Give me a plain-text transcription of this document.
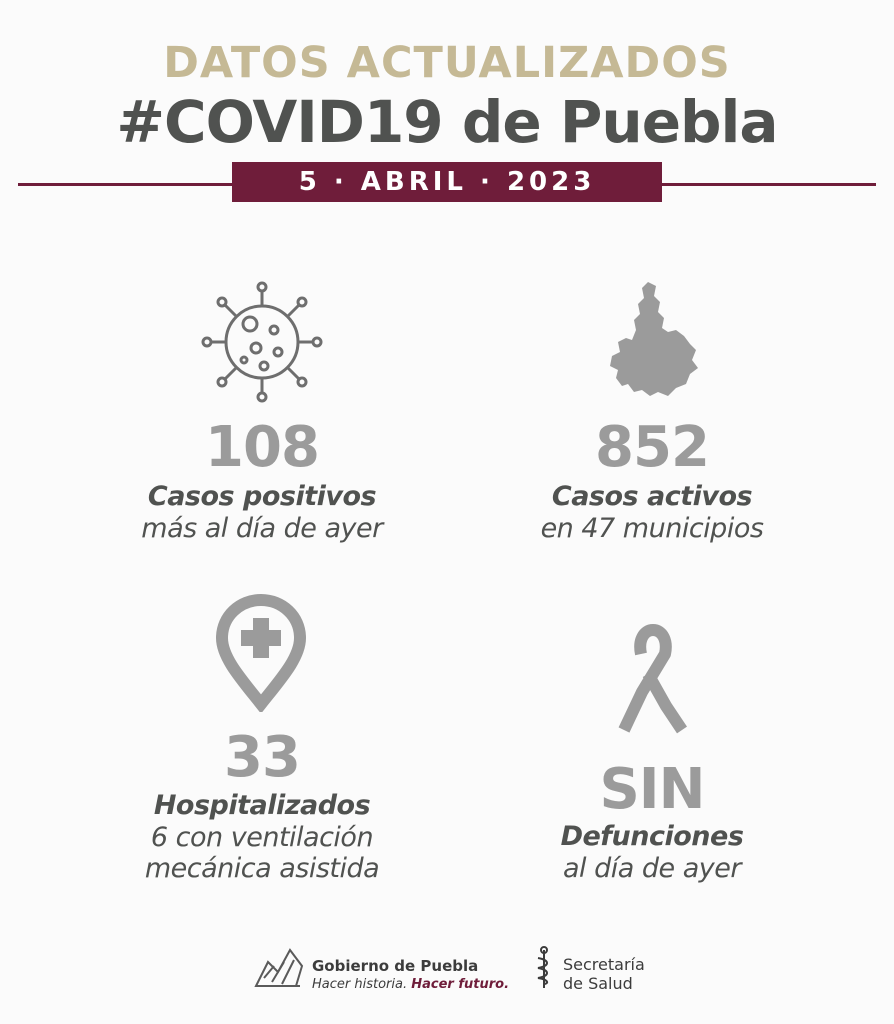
DATOS ACTUALIZADOS
#COVID19 de Puebla
5 · ABRIL · 2023
108
Casos positivos
más al día de ayer
852
Casos activos
en 47 municipios
33
Hospitalizados
6 con ventilación
mecánica asistida
SIN
Defunciones
al día de ayer
Gobierno de Puebla
Hacer historia. Hacer futuro.
Secretaría
de Salud
